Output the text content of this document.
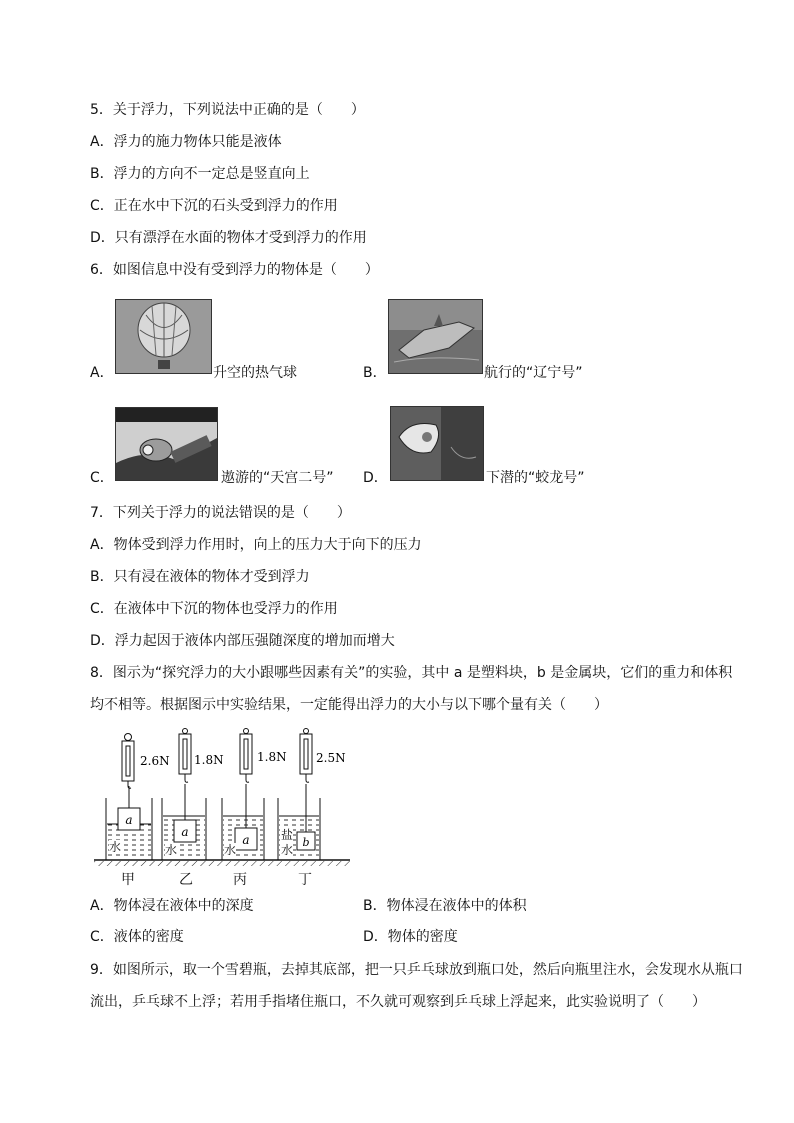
5．关于浮力，下列说法中正确的是（　　）
A．浮力的施力物体只能是液体
B．浮力的方向不一定总是竖直向上
C．正在水中下沉的石头受到浮力的作用
D．只有漂浮在水面的物体才受到浮力的作用
6．如图信息中没有受到浮力的物体是（　　）
A．	升空的热气球	B．	航行的“辽宁号”
C．	遨游的“天宫二号” D．	下潜的“蛟龙号”
7．下列关于浮力的说法错误的是（　　）
A．物体受到浮力作用时，向上的压力大于向下的压力
B．只有浸在液体的物体才受到浮力
C．在液体中下沉的物体也受浮力的作用
D．浮力起因于液体内部压强随深度的增加而增大
8．图示为“探究浮力的大小跟哪些因素有关”的实验，其中 a 是塑料块，b 是金属块，它们的重力和体积
均不相等。根据图示中实验结果，一定能得出浮力的大小与以下哪个量有关（　　）
a
a
a	b
2.6N 1.8N	1.8N 2.5N
水	水	水
盐
水
甲	乙	丙	丁
A．物体浸在液体中的深度	B．物体浸在液体中的体积
C．液体的密度	D．物体的密度
9．如图所示，取一个雪碧瓶，去掉其底部，把一只乒乓球放到瓶口处，然后向瓶里注水，会发现水从瓶口
流出，乒乓球不上浮；若用手指堵住瓶口，不久就可观察到乒乓球上浮起来，此实验说明了（　　）
